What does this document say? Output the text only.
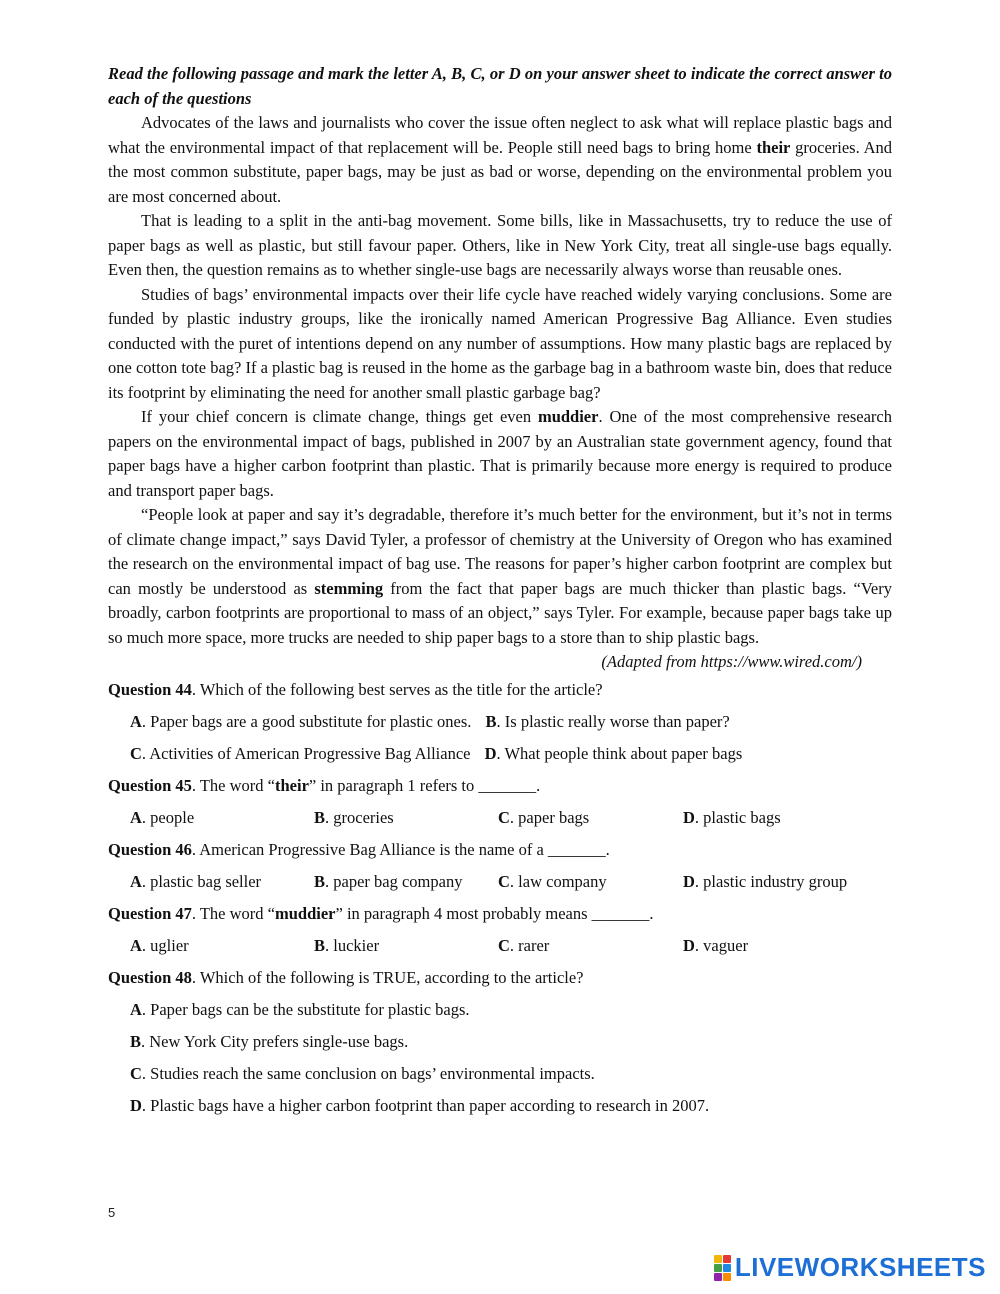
Read the following passage and mark the letter A, B, C, or D on your answer sheet to indicate the correct answer to each of the questions

Advocates of the laws and journalists who cover the issue often neglect to ask what will replace plastic bags and what the environmental impact of that replacement will be. People still need bags to bring home their groceries. And the most common substitute, paper bags, may be just as bad or worse, depending on the environmental problem you are most concerned about.

That is leading to a split in the anti-bag movement. Some bills, like in Massachusetts, try to reduce the use of paper bags as well as plastic, but still favour paper. Others, like in New York City, treat all single-use bags equally. Even then, the question remains as to whether single-use bags are necessarily always worse than reusable ones.

Studies of bags’ environmental impacts over their life cycle have reached widely varying conclusions. Some are funded by plastic industry groups, like the ironically named American Progressive Bag Alliance. Even studies conducted with the puret of intentions depend on any number of assumptions. How many plastic bags are replaced by one cotton tote bag? If a plastic bag is reused in the home as the garbage bag in a bathroom waste bin, does that reduce its footprint by eliminating the need for another small plastic garbage bag?

If your chief concern is climate change, things get even muddier. One of the most comprehensive research papers on the environmental impact of bags, published in 2007 by an Australian state government agency, found that paper bags have a higher carbon footprint than plastic. That is primarily because more energy is required to produce and transport paper bags.

“People look at paper and say it’s degradable, therefore it’s much better for the environment, but it’s not in terms of climate change impact,” says David Tyler, a professor of chemistry at the University of Oregon who has examined the research on the environmental impact of bag use. The reasons for paper’s higher carbon footprint are complex but can mostly be understood as stemming from the fact that paper bags are much thicker than plastic bags. “Very broadly, carbon footprints are proportional to mass of an object,” says Tyler. For example, because paper bags take up so much more space, more trucks are needed to ship paper bags to a store than to ship plastic bags.

(Adapted from https://www.wired.com/)

Question 44. Which of the following best serves as the title for the article?
A. Paper bags are a good substitute for plastic ones. B. Is plastic really worse than paper?
C. Activities of American Progressive Bag Alliance D. What people think about paper bags
Question 45. The word “their” in paragraph 1 refers to _______.
A. people	B. groceries	C. paper bags	D. plastic bags
Question 46. American Progressive Bag Alliance is the name of a _______.
A. plastic bag seller	B. paper bag company	C. law company	D. plastic industry group
Question 47. The word “muddier” in paragraph 4 most probably means _______.
A. uglier	B. luckier	C. rarer	D. vaguer
Question 48. Which of the following is TRUE, according to the article?
A. Paper bags can be the substitute for plastic bags.
B. New York City prefers single-use bags.
C. Studies reach the same conclusion on bags’ environmental impacts.
D. Plastic bags have a higher carbon footprint than paper according to research in 2007.
5
LIVEWORKSHEETS
